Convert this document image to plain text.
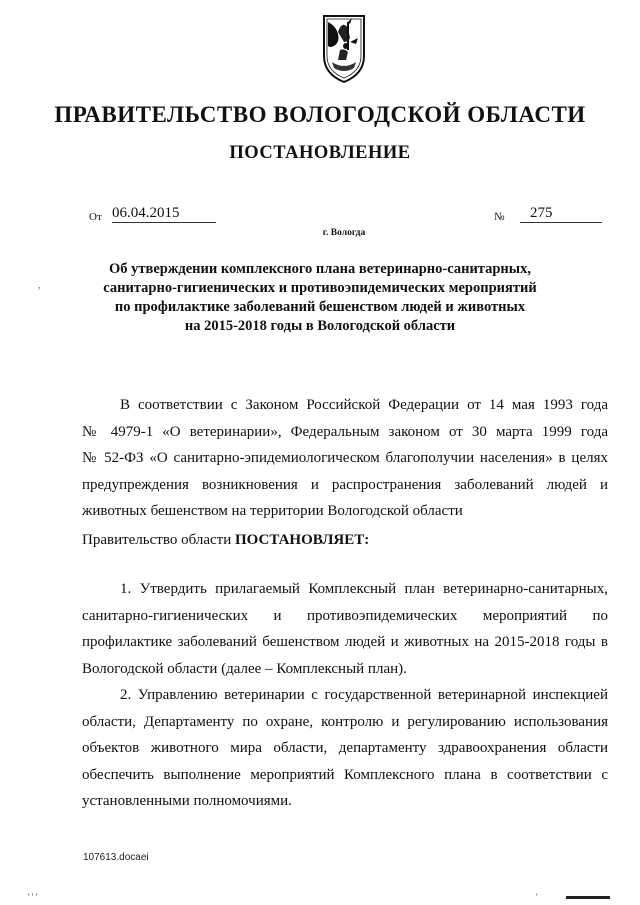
ПРАВИТЕЛЬСТВО ВОЛОГОДСКОЙ ОБЛАСТИ
ПОСТАНОВЛЕНИЕ
От 06.04.2015	№	275
г. Вологда
,
Об утверждении комплексного плана ветеринарно-санитарных,
санитарно-гигиенических и противоэпидемических мероприятий
по профилактике заболеваний бешенством людей и животных
на 2015-2018 годы в Вологодской области
В соответствии с Законом Российской Федерации от 14 мая 1993 года
№ 4979-1 «О ветеринарии», Федеральным законом от 30 марта 1999 года
№ 52-ФЗ «О санитарно-эпидемиологическом благополучии населения» в целях
предупреждения возникновения и распространения заболеваний людей и
животных бешенством на территории Вологодской области
Правительство области ПОСТАНОВЛЯЕТ:
1. Утвердить прилагаемый Комплексный план ветеринарно-санитарных,
санитарно-гигиенических и противоэпидемических мероприятий по
профилактике заболеваний бешенством людей и животных на 2015-2018 годы в
Вологодской области (далее – Комплексный план).
2. Управлению ветеринарии с государственной ветеринарной инспекцией
области, Департаменту по охране, контролю и регулированию использования
объектов животного мира области, департаменту здравоохранения области
обеспечить выполнение мероприятий Комплексного плана в соответствии с
установленными полномочиями.
107613.docaei
' ' '	'
